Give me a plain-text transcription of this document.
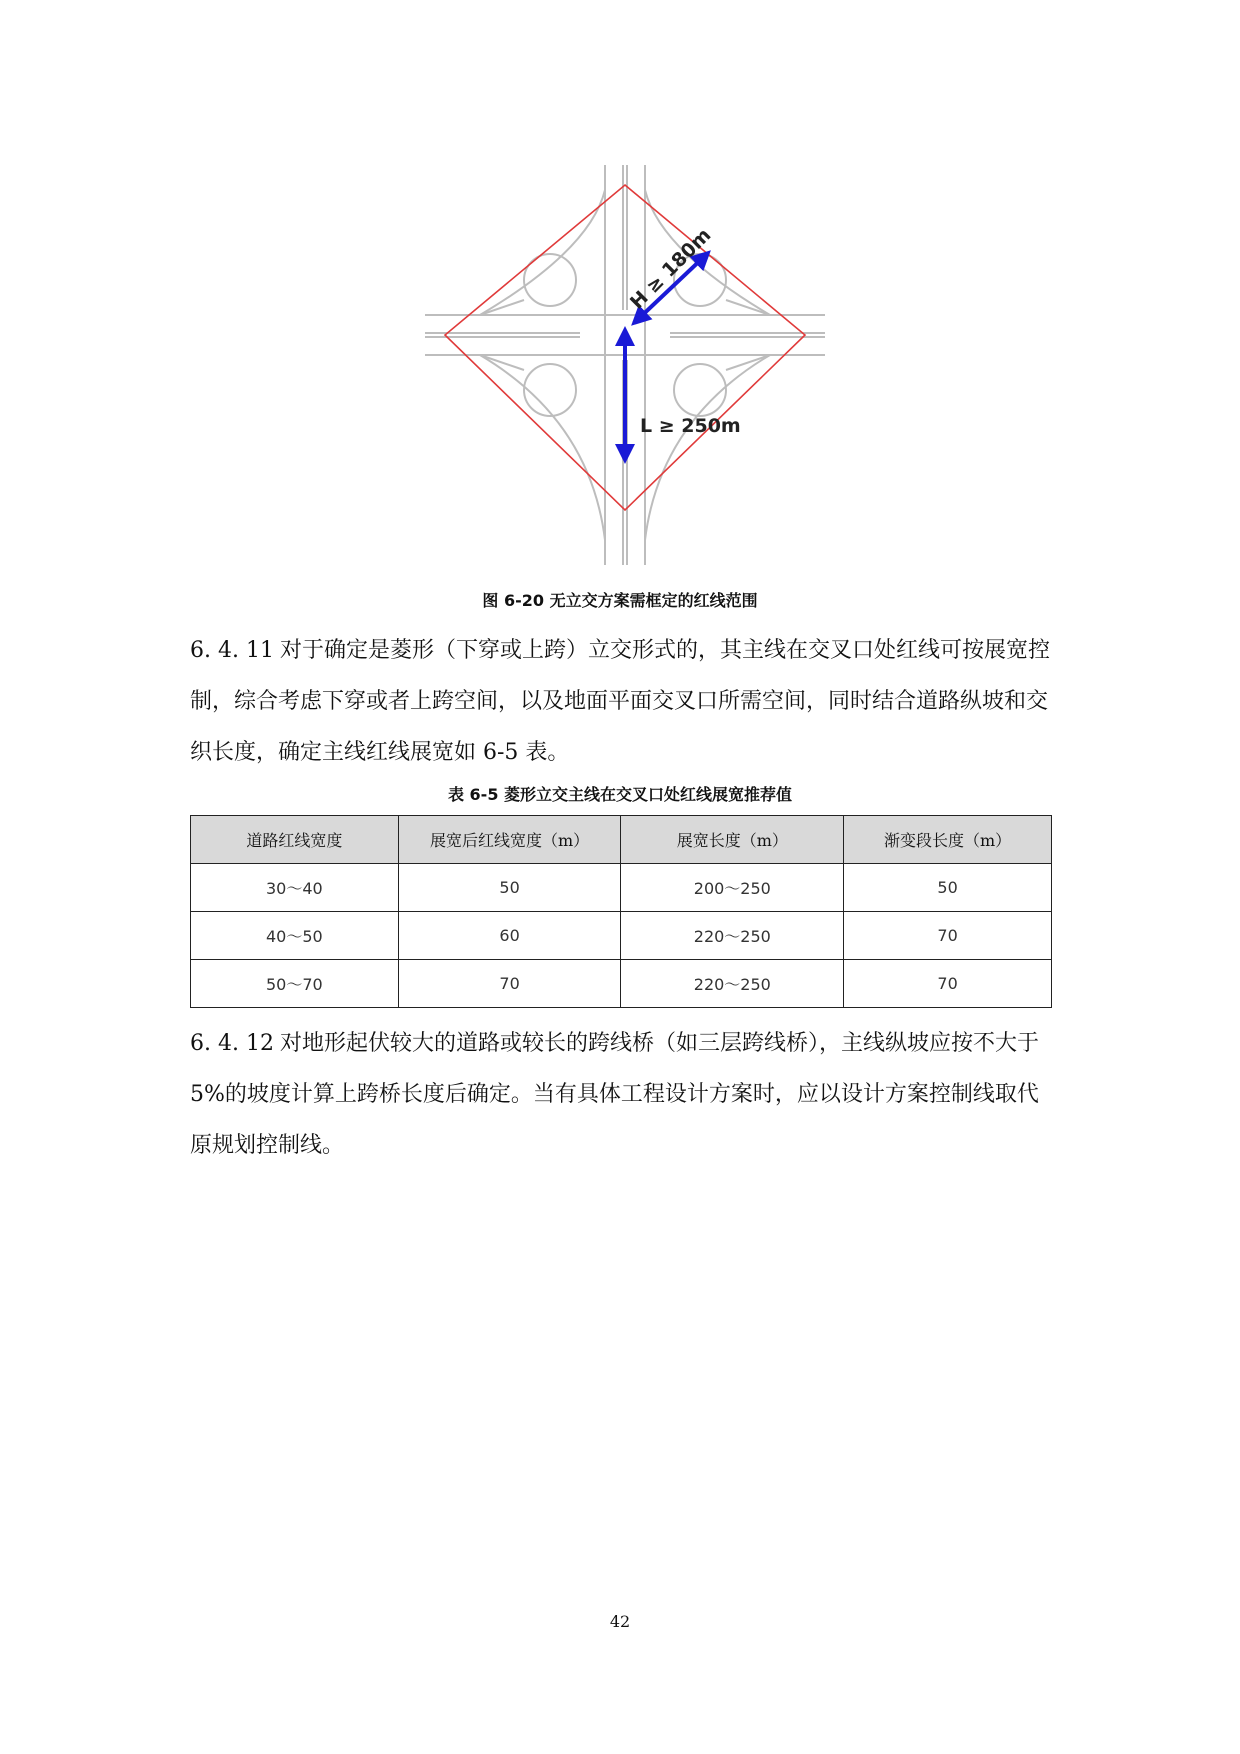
H ≥ 180m
L ≥ 250m
图 6-20 无立交方案需框定的红线范围
6. 4. 11 对于确定是菱形（下穿或上跨）立交形式的，其主线在交叉口处红线可按展宽控制，综合考虑下穿或者上跨空间，以及地面平面交叉口所需空间，同时结合道路纵坡和交织长度，确定主线红线展宽如 6-5 表。
表 6-5 菱形立交主线在交叉口处红线展宽推荐值
道路红线宽度	展宽后红线宽度（m）	展宽长度（m）	渐变段长度（m）
30～40	50	200～250	50
40～50	60	220～250	70
50～70	70	220～250	70
6. 4. 12 对地形起伏较大的道路或较长的跨线桥（如三层跨线桥），主线纵坡应按不大于 5%的坡度计算上跨桥长度后确定。当有具体工程设计方案时，应以设计方案控制线取代原规划控制线。
42
